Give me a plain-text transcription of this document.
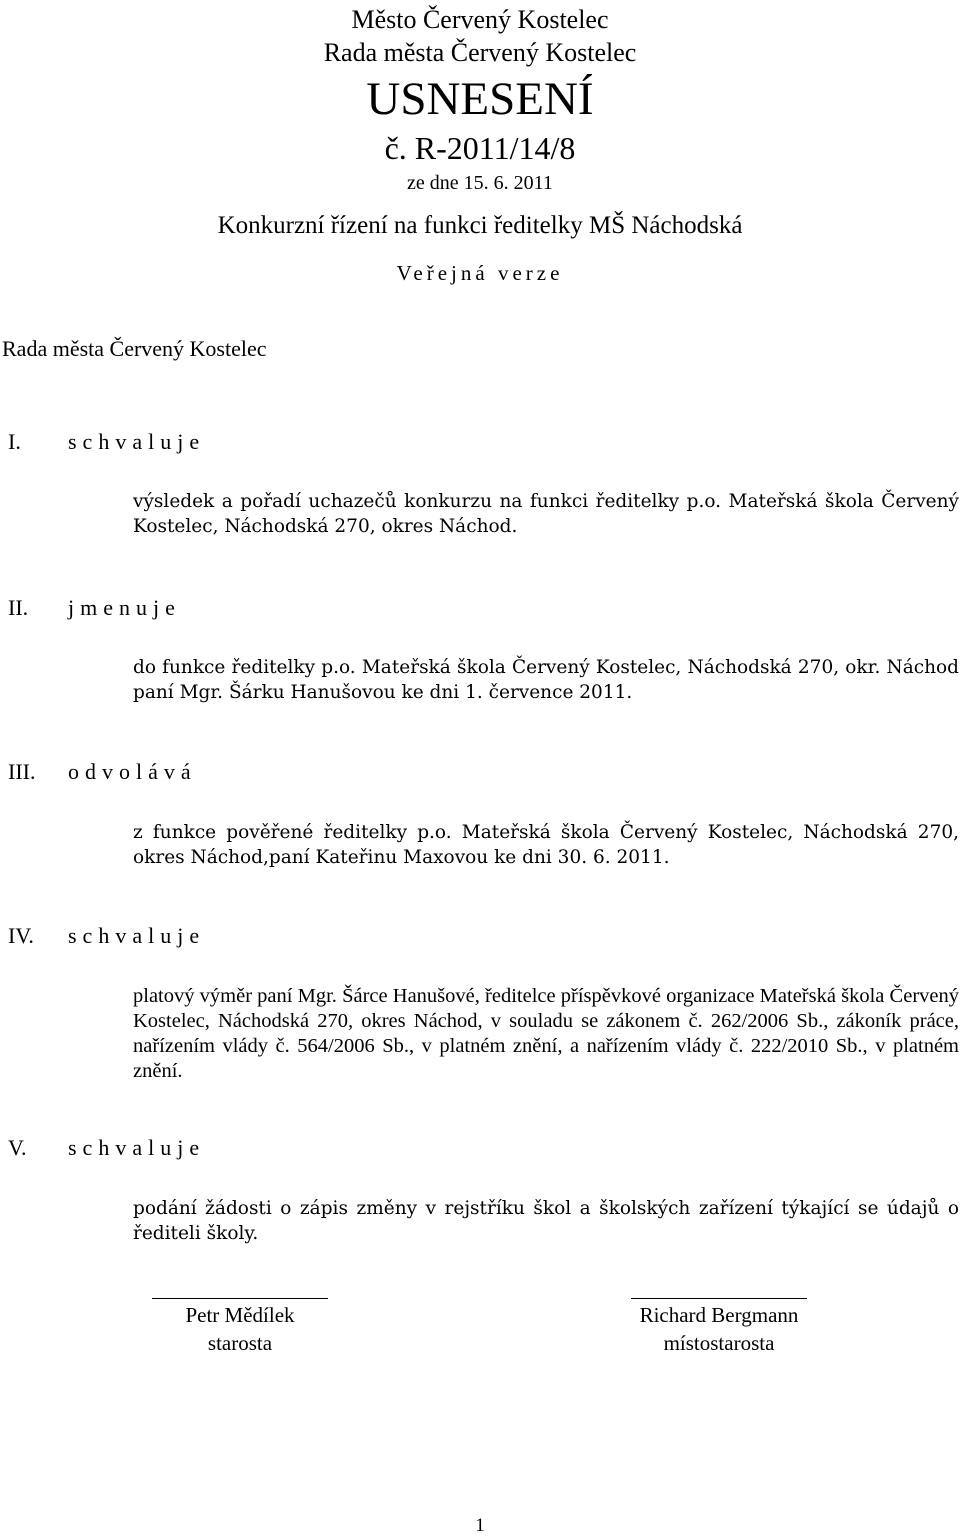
Město Červený Kostelec
Rada města Červený Kostelec
USNESENÍ
č. R-2011/14/8
ze dne 15. 6. 2011
Konkurzní řízení na funkci ředitelky MŠ Náchodská
Veřejná verze
Rada města Červený Kostelec
I. schvaluje
výsledek a pořadí uchazečů konkurzu na funkci ředitelky p.o. Mateřská škola Červený Kostelec, Náchodská 270, okres Náchod.
II. jmenuje
do funkce ředitelky p.o. Mateřská škola Červený Kostelec, Náchodská 270, okr. Náchod paní Mgr. Šárku Hanušovou ke dni 1. července 2011.
III. odvolává
z funkce pověřené ředitelky p.o. Mateřská škola Červený Kostelec, Náchodská 270, okres Náchod,paní Kateřinu Maxovou ke dni 30. 6. 2011.
IV. schvaluje
platový výměr paní Mgr. Šárce Hanušové, ředitelce příspěvkové organizace Mateřská škola Červený Kostelec, Náchodská 270, okres Náchod, v souladu se zákonem č. 262/2006 Sb., zákoník práce, nařízením vlády č. 564/2006 Sb., v platném znění, a nařízením vlády č. 222/2010 Sb., v platném znění.
V. schvaluje
podání žádosti o zápis změny v rejstříku škol a školských zařízení týkající se údajů o řediteli školy.
Petr Mědílek
starosta
Richard Bergmann
místostarosta
1
